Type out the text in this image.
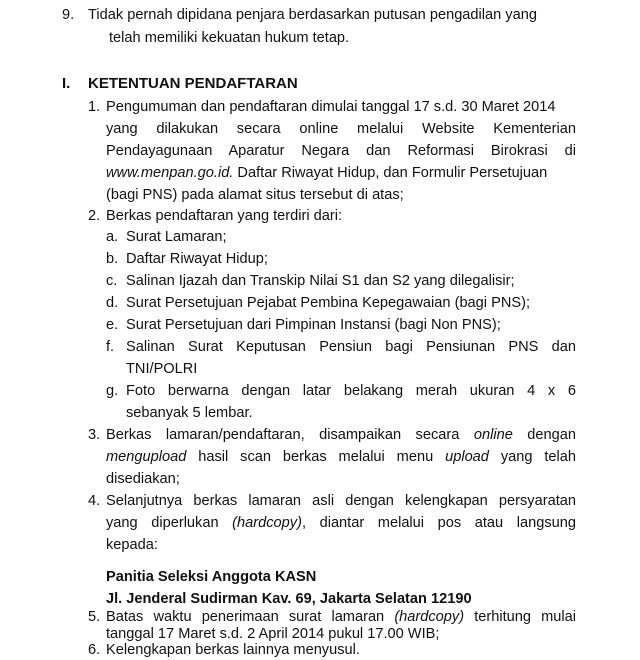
9. Tidak pernah dipidana penjara berdasarkan putusan pengadilan yang
telah memiliki kekuatan hukum tetap.
I. KETENTUAN PENDAFTARAN
1. Pengumuman dan pendaftaran dimulai tanggal 17 s.d. 30 Maret 2014
yang dilakukan secara online melalui Website Kementerian
Pendayagunaan Aparatur Negara dan Reformasi Birokrasi di
www.menpan.go.id. Daftar Riwayat Hidup, dan Formulir Persetujuan
(bagi PNS) pada alamat situs tersebut di atas;
2. Berkas pendaftaran yang terdiri dari:
a. Surat Lamaran;
b. Daftar Riwayat Hidup;
c. Salinan Ijazah dan Transkip Nilai S1 dan S2 yang dilegalisir;
d. Surat Persetujuan Pejabat Pembina Kepegawaian (bagi PNS);
e. Surat Persetujuan dari Pimpinan Instansi (bagi Non PNS);
f. Salinan Surat Keputusan Pensiun bagi Pensiunan PNS dan
TNI/POLRI
g. Foto berwarna dengan latar belakang merah ukuran 4 x 6
sebanyak 5 lembar.
3. Berkas lamaran/pendaftaran, disampaikan secara online dengan
mengupload hasil scan berkas melalui menu upload yang telah
disediakan;
4. Selanjutnya berkas lamaran asli dengan kelengkapan persyaratan
yang diperlukan (hardcopy), diantar melalui pos atau langsung
kepada:
Panitia Seleksi Anggota KASN
Jl. Jenderal Sudirman Kav. 69, Jakarta Selatan 12190
5. Batas waktu penerimaan surat lamaran (hardcopy) terhitung mulai
tanggal 17 Maret s.d. 2 April 2014 pukul 17.00 WIB;
6. Kelengkapan berkas lainnya menyusul.
